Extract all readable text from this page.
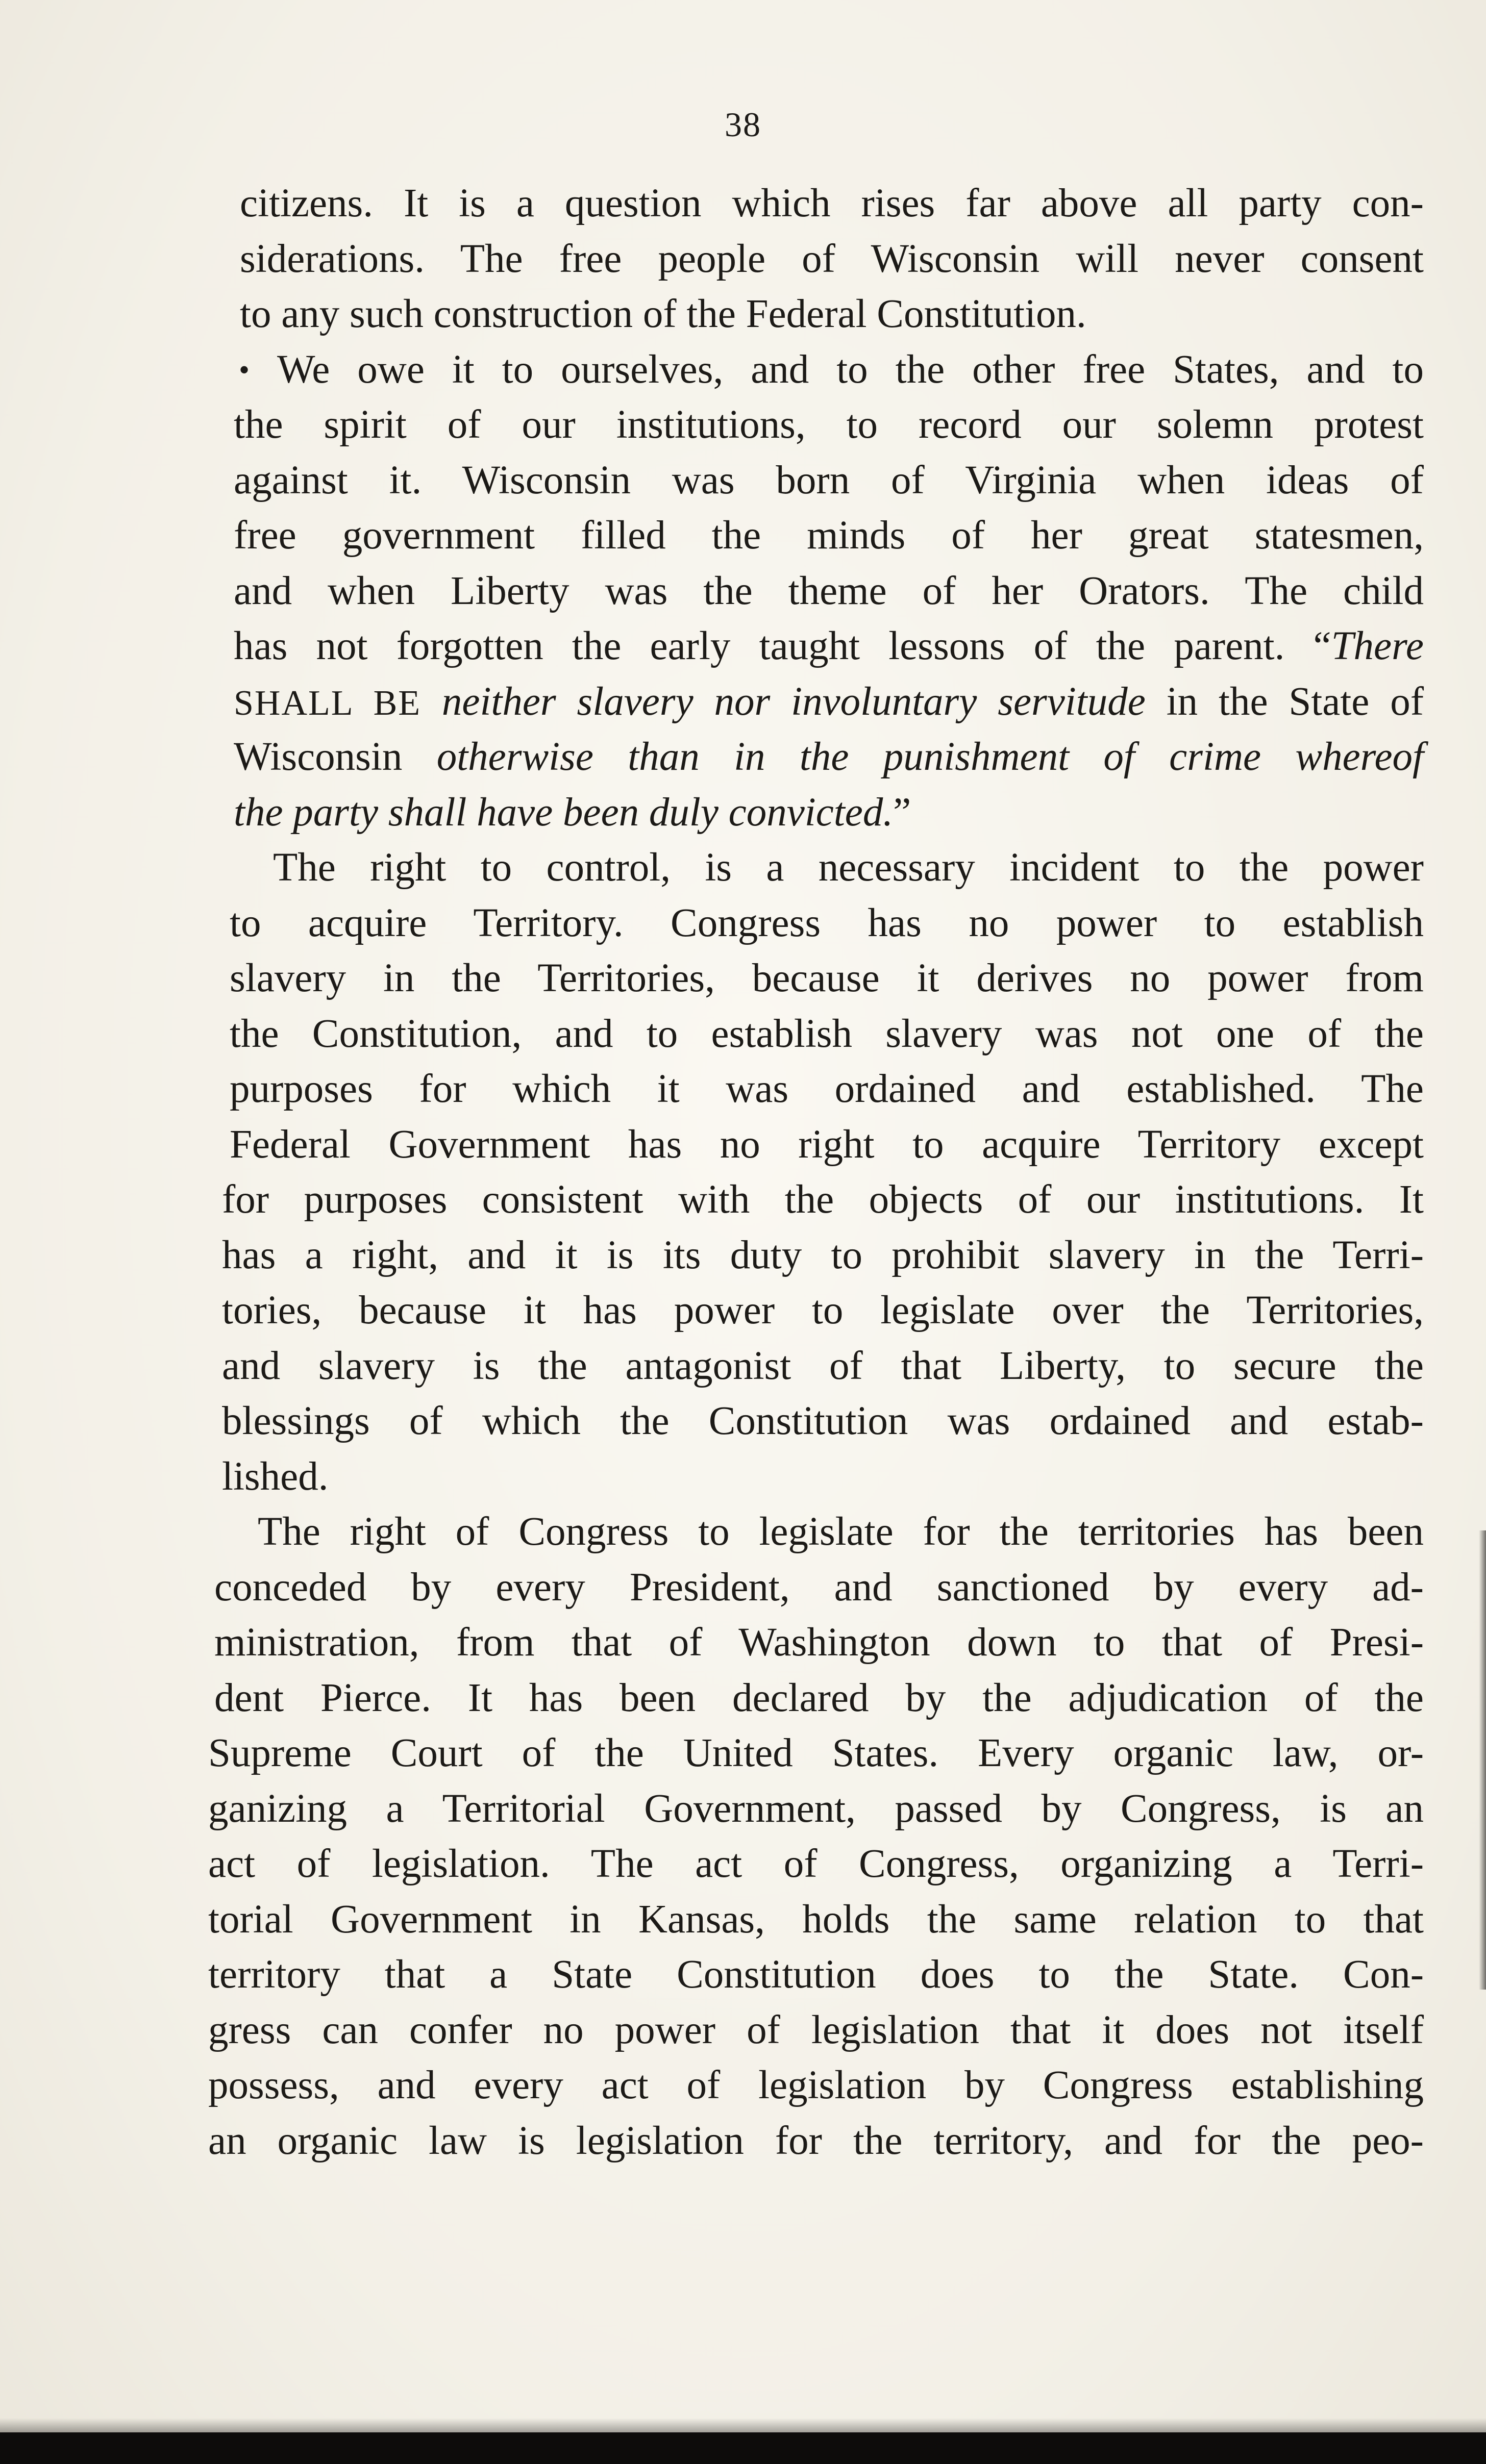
38
citizens. It is a question which rises far above all party con-
siderations. The free people of Wisconsin will never consent
to any such construction of the Federal Constitution.
• We owe it to ourselves, and to the other free States, and to
the spirit of our institutions, to record our solemn protest
against it. Wisconsin was born of Virginia when ideas of
free government filled the minds of her great statesmen,
and when Liberty was the theme of her Orators. The child
has not forgotten the early taught lessons of the parent. “There
SHALL BE neither slavery nor involuntary servitude in the State of
Wisconsin otherwise than in the punishment of crime whereof
the party shall have been duly convicted.”
The right to control, is a necessary incident to the power
to acquire Territory. Congress has no power to establish
slavery in the Territories, because it derives no power from
the Constitution, and to establish slavery was not one of the
purposes for which it was ordained and established. The
Federal Government has no right to acquire Territory except
for purposes consistent with the objects of our institutions. It
has a right, and it is its duty to prohibit slavery in the Terri-
tories, because it has power to legislate over the Territories,
and slavery is the antagonist of that Liberty, to secure the
blessings of which the Constitution was ordained and estab-
lished.
The right of Congress to legislate for the territories has been
conceded by every President, and sanctioned by every ad-
ministration, from that of Washington down to that of Presi-
dent Pierce. It has been declared by the adjudication of the
Supreme Court of the United States. Every organic law, or-
ganizing a Territorial Government, passed by Congress, is an
act of legislation. The act of Congress, organizing a Terri-
torial Government in Kansas, holds the same relation to that
territory that a State Constitution does to the State. Con-
gress can confer no power of legislation that it does not itself
possess, and every act of legislation by Congress establishing
an organic law is legislation for the territory, and for the peo-
